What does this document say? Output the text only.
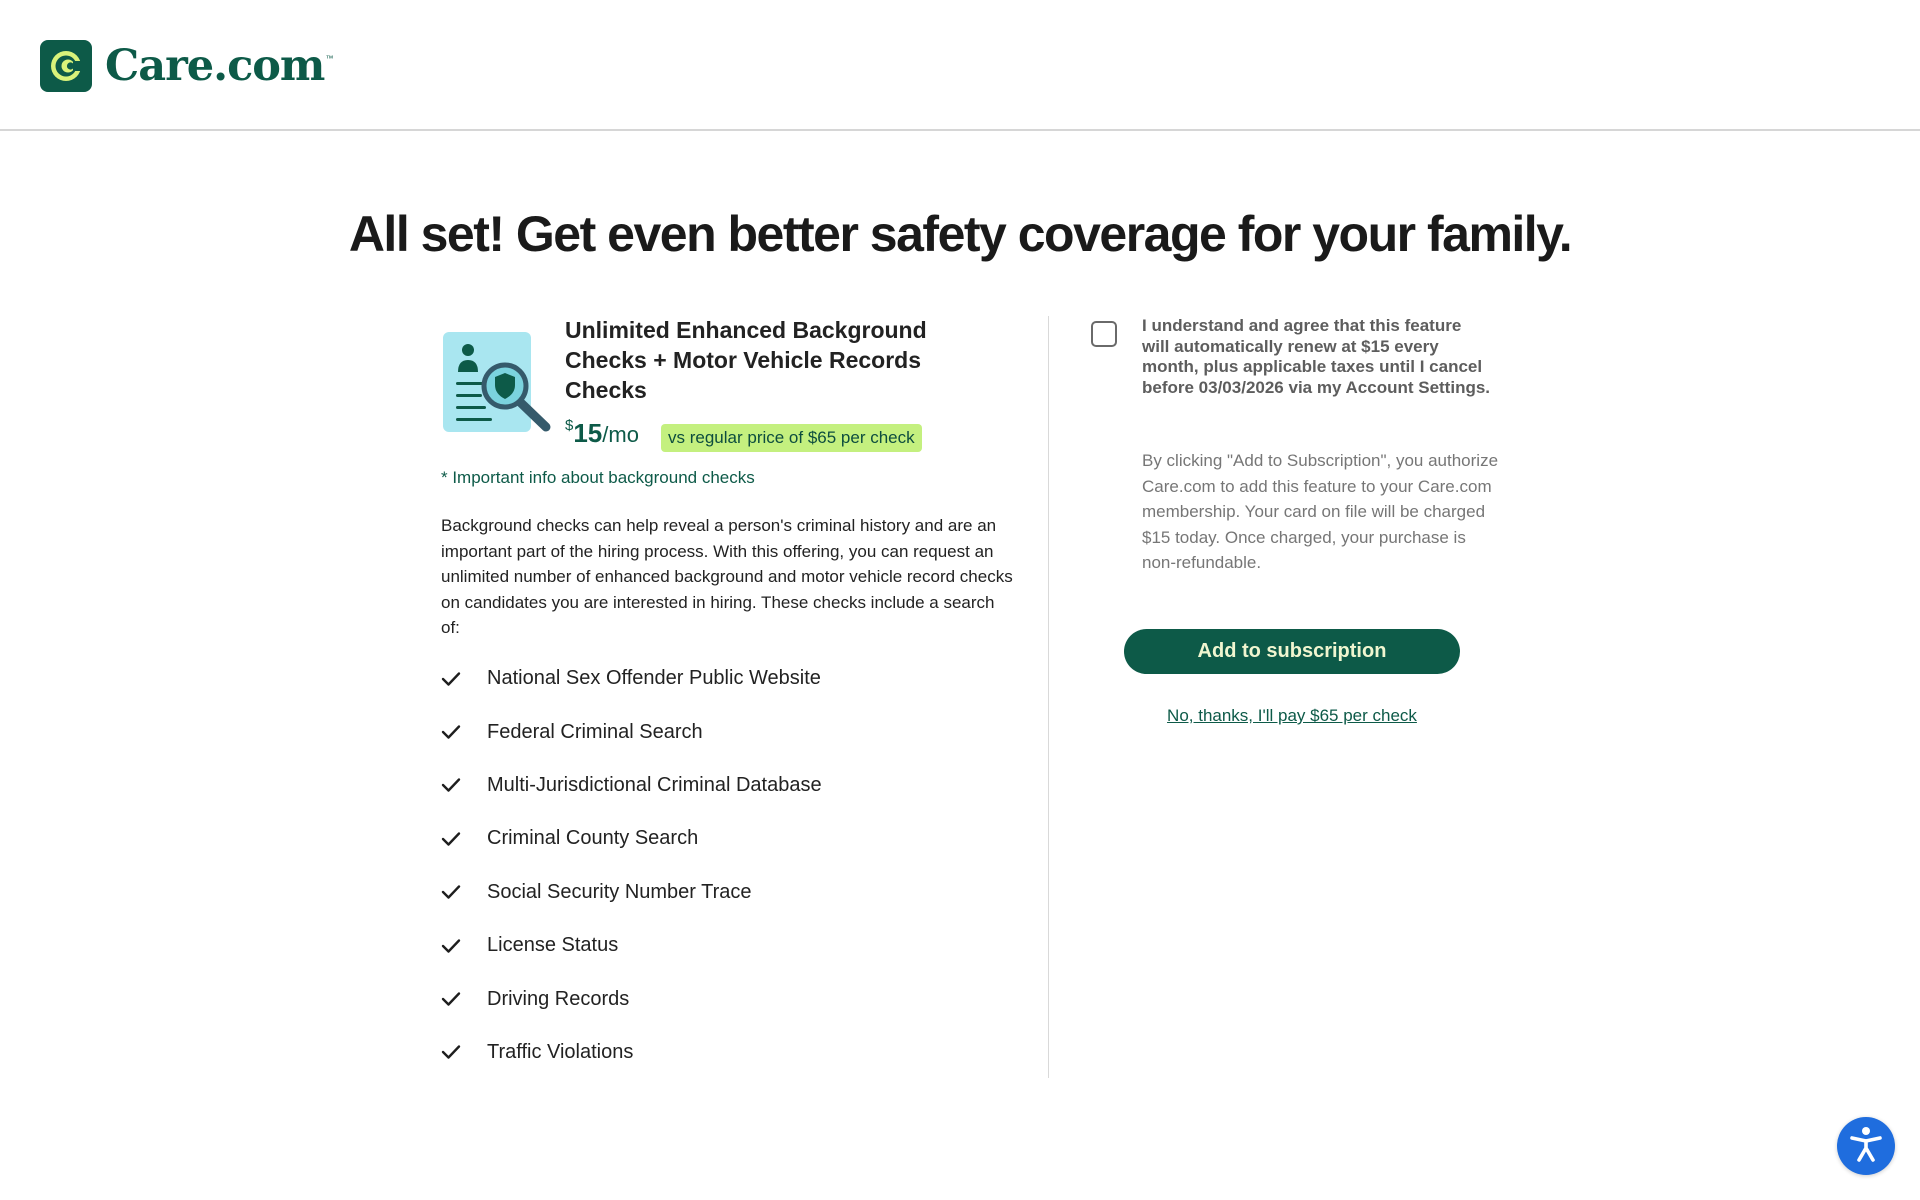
Care.com ™
All set! Get even better safety coverage for your family.
Unlimited Enhanced Background Checks + Motor Vehicle Records Checks
$15/mo	vs regular price of $65 per check
* Important info about background checks

Background checks can help reveal a person's criminal history and are an important part of the hiring process. With this offering, you can request an unlimited number of enhanced background and motor vehicle record checks on candidates you are interested in hiring. These checks include a search of:

National Sex Offender Public Website
Federal Criminal Search
Multi-Jurisdictional Criminal Database
Criminal County Search
Social Security Number Trace
License Status
Driving Records
Traffic Violations

I understand and agree that this feature will automatically renew at $15 every month, plus applicable taxes until I cancel before 03/03/2026 via my Account Settings.

By clicking "Add to Subscription", you authorize Care.com to add this feature to your Care.com membership. Your card on file will be charged $15 today. Once charged, your purchase is non-refundable.

Add to subscription
No, thanks, I'll pay $65 per check
